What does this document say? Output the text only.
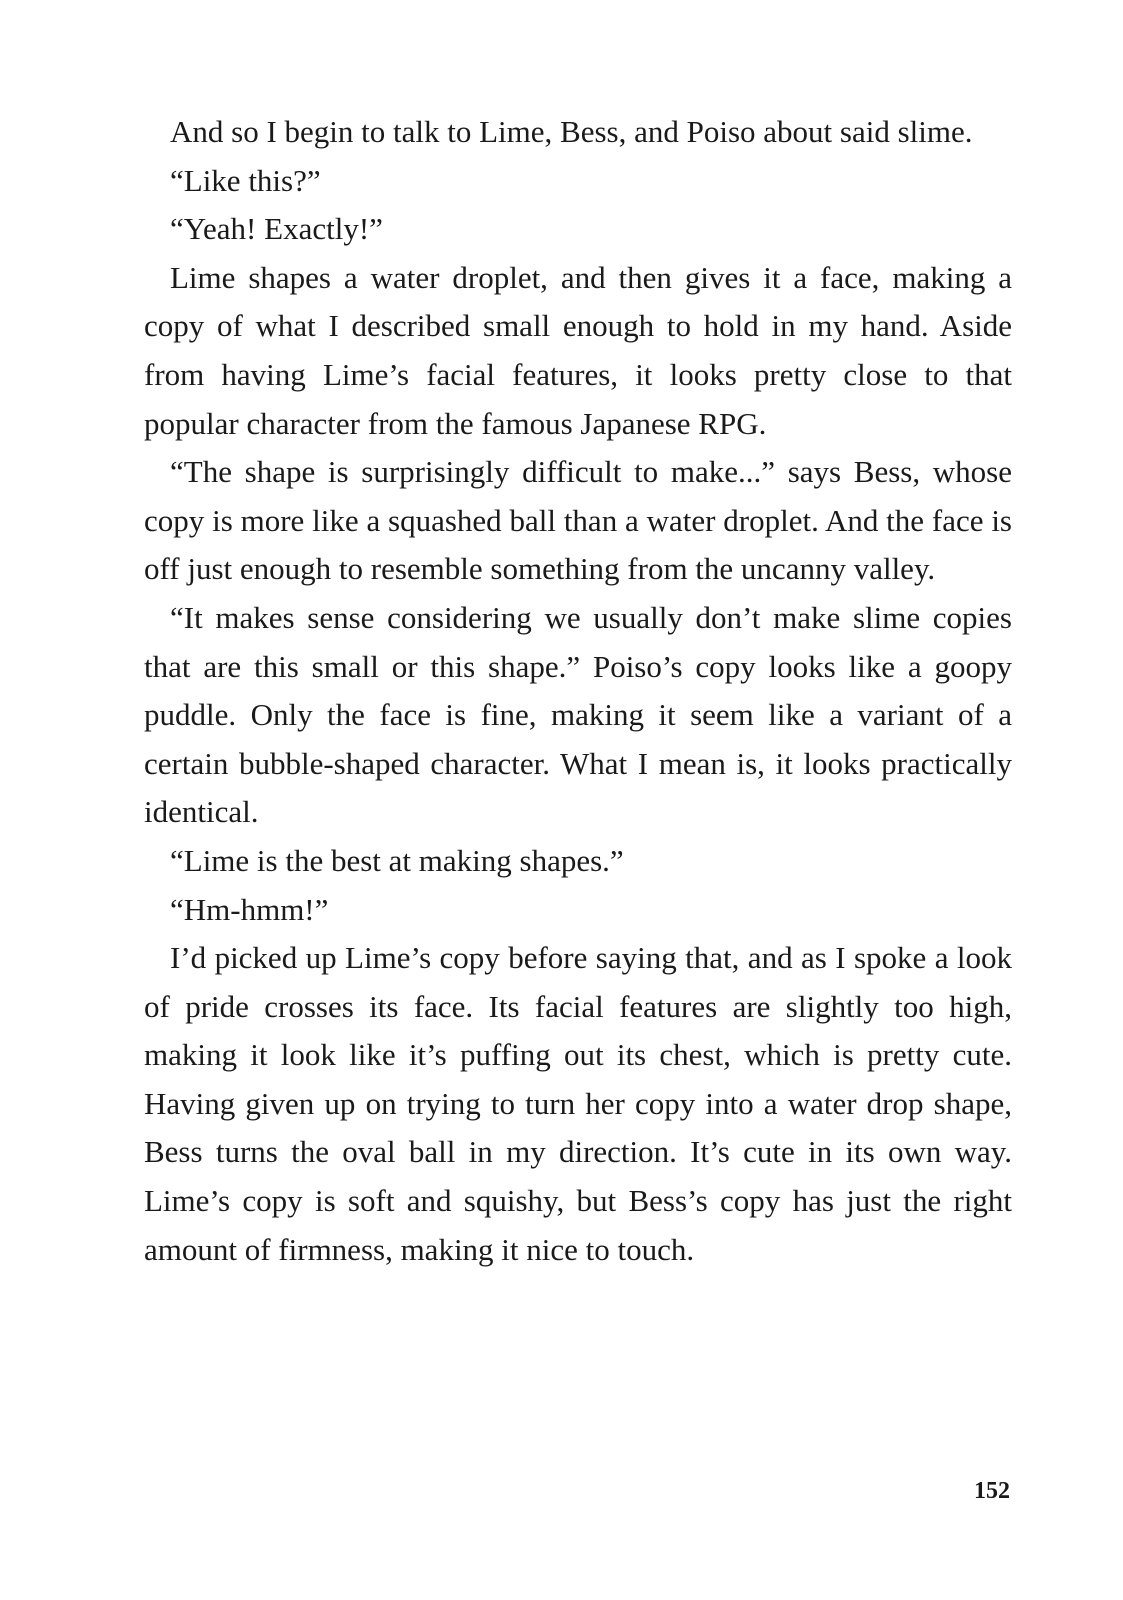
And so I begin to talk to Lime, Bess, and Poiso about said slime.

“Like this?”

“Yeah! Exactly!”

Lime shapes a water droplet, and then gives it a face, making a copy of what I described small enough to hold in my hand. Aside from having Lime’s facial features, it looks pretty close to that popular character from the famous Japanese RPG.

“The shape is surprisingly difficult to make...” says Bess, whose copy is more like a squashed ball than a water droplet. And the face is off just enough to resemble something from the uncanny valley.

“It makes sense considering we usually don’t make slime copies that are this small or this shape.” Poiso’s copy looks like a goopy puddle. Only the face is fine, making it seem like a variant of a certain bubble-shaped character. What I mean is, it looks practically identical.

“Lime is the best at making shapes.”

“Hm-hmm!”

I’d picked up Lime’s copy before saying that, and as I spoke a look of pride crosses its face. Its facial features are slightly too high, making it look like it’s puffing out its chest, which is pretty cute. Having given up on trying to turn her copy into a water drop shape, Bess turns the oval ball in my direction. It’s cute in its own way. Lime’s copy is soft and squishy, but Bess’s copy has just the right amount of firmness, making it nice to touch.

152
